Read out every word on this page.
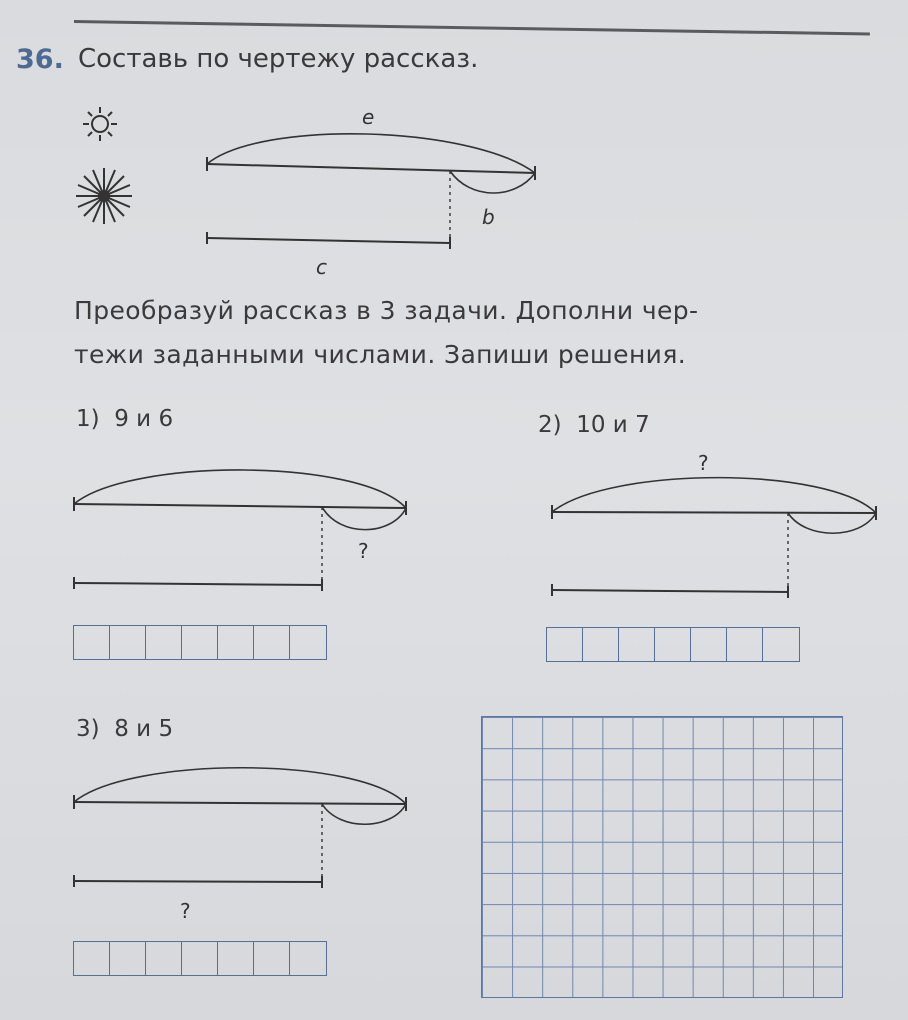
36. Составь по чертежу рассказ.
e
b
c
?
?
?
Преобразуй рассказ в 3 задачи. Дополни чер-
тежи заданными числами. Запиши решения.
1) 9 и 6	2) 10 и 7
3) 8 и 5
